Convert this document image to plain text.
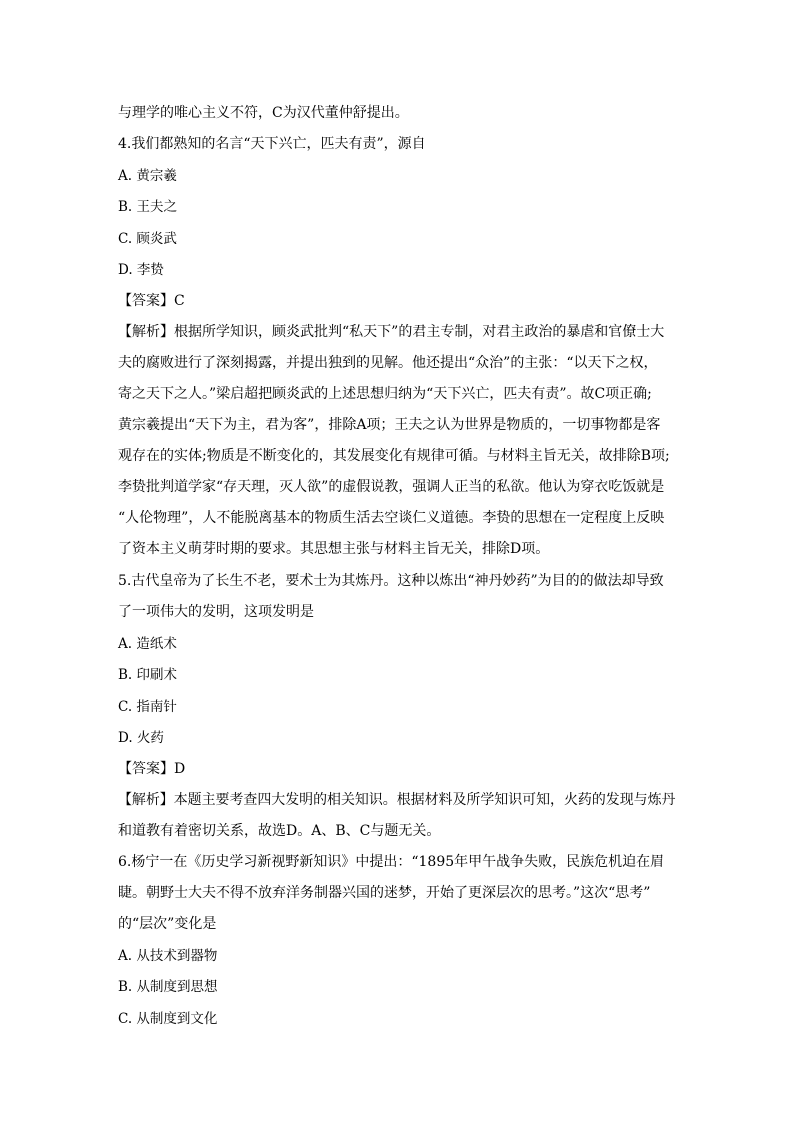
与理学的唯心主义不符，C为汉代董仲舒提出。
4.我们都熟知的名言“天下兴亡，匹夫有责”，源自
A. 黄宗羲
B. 王夫之
C. 顾炎武
D. 李贽
【答案】C
【解析】根据所学知识，顾炎武批判“私天下”的君主专制，对君主政治的暴虐和官僚士大
夫的腐败进行了深刻揭露，并提出独到的见解。他还提出“众治”的主张：“以天下之权，
寄之天下之人。”梁启超把顾炎武的上述思想归纳为“天下兴亡，匹夫有责”。故C项正确;
黄宗羲提出“天下为主，君为客”，排除A项；王夫之认为世界是物质的，一切事物都是客
观存在的实体;物质是不断变化的，其发展变化有规律可循。与材料主旨无关，故排除B项;
李贽批判道学家“存天理，灭人欲”的虚假说教，强调人正当的私欲。他认为穿衣吃饭就是
“人伦物理”，人不能脱离基本的物质生活去空谈仁义道德。李贽的思想在一定程度上反映
了资本主义萌芽时期的要求。其思想主张与材料主旨无关，排除D项。
5.古代皇帝为了长生不老，要术士为其炼丹。这种以炼出“神丹妙药”为目的的做法却导致
了一项伟大的发明，这项发明是
A. 造纸术
B. 印刷术
C. 指南针
D. 火药
【答案】D
【解析】本题主要考查四大发明的相关知识。根据材料及所学知识可知，火药的发现与炼丹
和道教有着密切关系，故选D。A、B、C与题无关。
6.杨宁一在《历史学习新视野新知识》中提出：“1895年甲午战争失败，民族危机迫在眉
睫。朝野士大夫不得不放弃洋务制器兴国的迷梦，开始了更深层次的思考。”这次“思考”
的“层次”变化是
A. 从技术到器物
B. 从制度到思想
C. 从制度到文化
